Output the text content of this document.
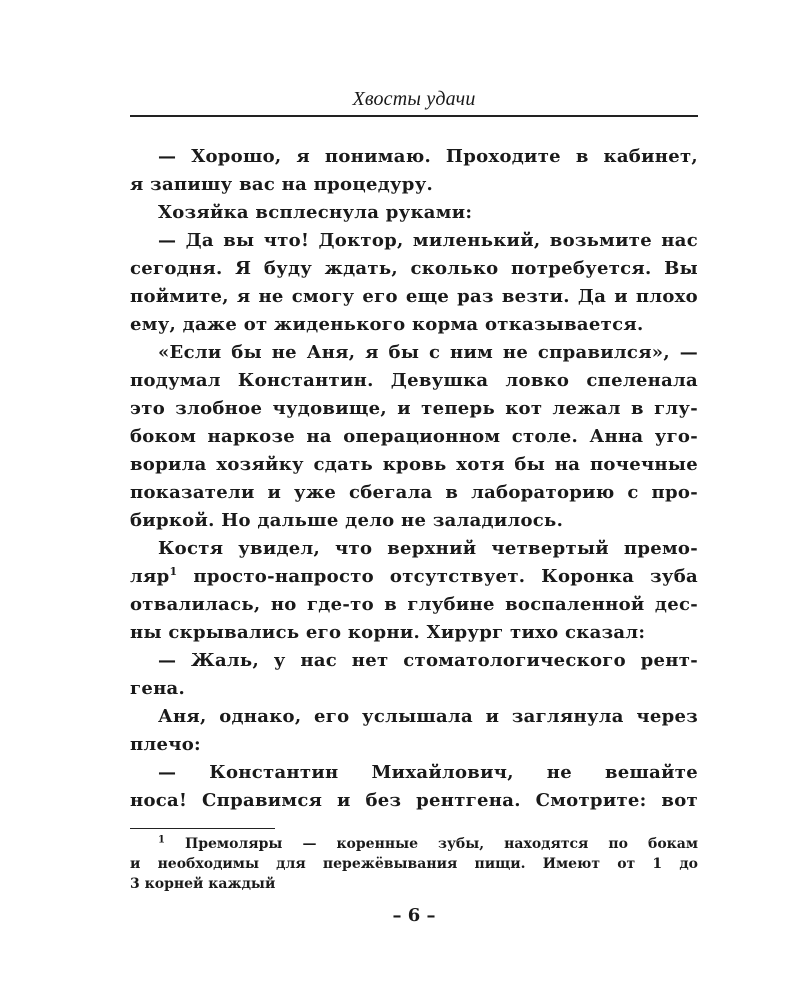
Хвосты удачи
— Хорошо, я понимаю. Проходите в кабинет,
я запишу вас на процедуру.
Хозяйка всплеснула руками:
— Да вы что! Доктор, миленький, возьмите нас
сегодня. Я буду ждать, сколько потребуется. Вы
поймите, я не смогу его еще раз везти. Да и плохо
ему, даже от жиденького корма отказывается.
«Если бы не Аня, я бы с ним не справился», —
подумал Константин. Девушка ловко спеленала
это злобное чудовище, и теперь кот лежал в глу-
боком наркозе на операционном столе. Анна уго-
ворила хозяйку сдать кровь хотя бы на почечные
показатели и уже сбегала в лабораторию с про-
биркой. Но дальше дело не заладилось.
Костя увидел, что верхний четвертый премо-
ляр$^1$ просто-напросто отсутствует. Коронка зуба
отвалилась, но где-то в глубине воспаленной дес-
ны скрывались его корни. Хирург тихо сказал:
— Жаль, у нас нет стоматологического рент-
гена.
Аня, однако, его услышала и заглянула через
плечо:
— Константин Михайлович, не вешайте
носа! Справимся и без рентгена. Смотрите: вот
$^1$ Премоляры — коренные зубы, находятся по бокам
и необходимы для пережёвывания пищи. Имеют от 1 до
3 корней каждый
– 6 –
